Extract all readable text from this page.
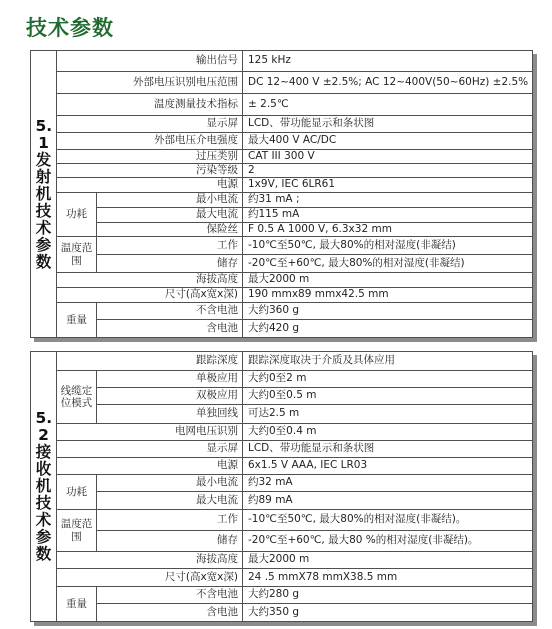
技术参数
5.1发射机技术参数	输出信号		125 kHz
	外部电压识别电压范围		DC 12~400 V ±2.5%; AC 12~400V(50~60Hz) ±2.5%
	温度测量技术指标		± 2.5℃
	显示屏		LCD、带功能显示和条状图
	外部电压介电强度		最大400 V AC/DC
	过压类别		CAT III 300 V
	污染等级		2
	电源		1x9V, IEC 6LR61
	功耗	最小电流	约31 mA ;
		最大电流	约115 mA
		保险丝	F 0.5 A 1000 V, 6.3x32 mm
	温度范围	工作	-10℃至50℃, 最大80%的相对湿度(非凝结)
		储存	-20℃至+60℃, 最大80%的相对湿度(非凝结)
	海拔高度		最大2000 m
	尺寸(高x宽x深)		190 mmx89 mmx42.5 mm
	重量	不含电池	大约360 g
		含电池	大约420 g
5.2接收机技术参数	跟踪深度		跟踪深度取决于介质及具体应用
	线缆定位模式	单极应用	大约0至2 m
		双极应用	大约0至0.5 m
		单独回线	可达2.5 m
	电网电压识别		大约0至0.4 m
	显示屏		LCD、带功能显示和条状图
	电源		6x1.5 V AAA, IEC LR03
	功耗	最小电流	约32 mA
		最大电流	约89 mA
	温度范围	工作	-10℃至50℃, 最大80%的相对湿度(非凝结)。
		储存	-20℃至+60℃, 最大80 %的相对湿度(非凝结)。
	海拔高度		最大2000 m
	尺寸(高x宽x深)		24 .5 mmX78 mmX38.5 mm
	重量	不含电池	大约280 g
		含电池	大约350 g
